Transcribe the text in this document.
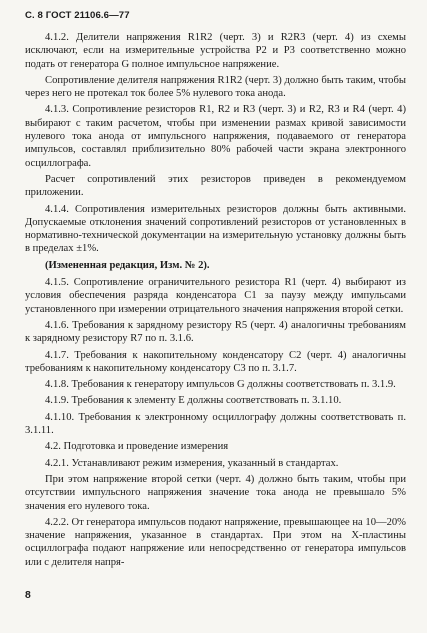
С. 8 ГОСТ 21106.6—77

4.1.2. Делители напряжения R1R2 (черт. 3) и R2R3 (черт. 4) из схемы исключают, если на измерительные устройства P2 и P3 соответственно можно подать от генератора G полное импульсное напряжение.

Сопротивление делителя напряжения R1R2 (черт. 3) должно быть таким, чтобы через него не протекал ток более 5% нулевого тока анода.

4.1.3. Сопротивление резисторов R1, R2 и R3 (черт. 3) и R2, R3 и R4 (черт. 4) выбирают с таким расчетом, чтобы при изменении размах кривой зависимости нулевого тока анода от импульсного напряжения, подаваемого от генератора импульсов, составлял приблизительно 80% рабочей части экрана электронного осциллографа.

Расчет сопротивлений этих резисторов приведен в рекомендуемом приложении.

4.1.4. Сопротивления измерительных резисторов должны быть активными. Допускаемые отклонения значений сопротивлений резисторов от установленных в нормативно-технической документации на измерительную установку должны быть в пределах ±1%.

(Измененная редакция, Изм. № 2).

4.1.5. Сопротивление ограничительного резистора R1 (черт. 4) выбирают из условия обеспечения разряда конденсатора C1 за паузу между импульсами установленного при измерении отрицательного значения напряжения второй сетки.

4.1.6. Требования к зарядному резистору R5 (черт. 4) аналогичны требованиям к зарядному резистору R7 по п. 3.1.6.

4.1.7. Требования к накопительному конденсатору C2 (черт. 4) аналогичны требованиям к накопительному конденсатору C3 по п. 3.1.7.

4.1.8. Требования к генератору импульсов G должны соответствовать п. 3.1.9.

4.1.9. Требования к элементу E должны соответствовать п. 3.1.10.

4.1.10. Требования к электронному осциллографу должны соответствовать п. 3.1.11.

4.2. Подготовка и проведение измерения

4.2.1. Устанавливают режим измерения, указанный в стандартах.

При этом напряжение второй сетки (черт. 4) должно быть таким, чтобы при отсутствии импульсного напряжения значение тока анода не превышало 5% значения его нулевого тока.

4.2.2. От генератора импульсов подают напряжение, превышающее на 10—20% значение напряжения, указанное в стандартах. При этом на X-пластины осциллографа подают напряжение или непосредственно от генератора импульсов или с делителя напря-

8
